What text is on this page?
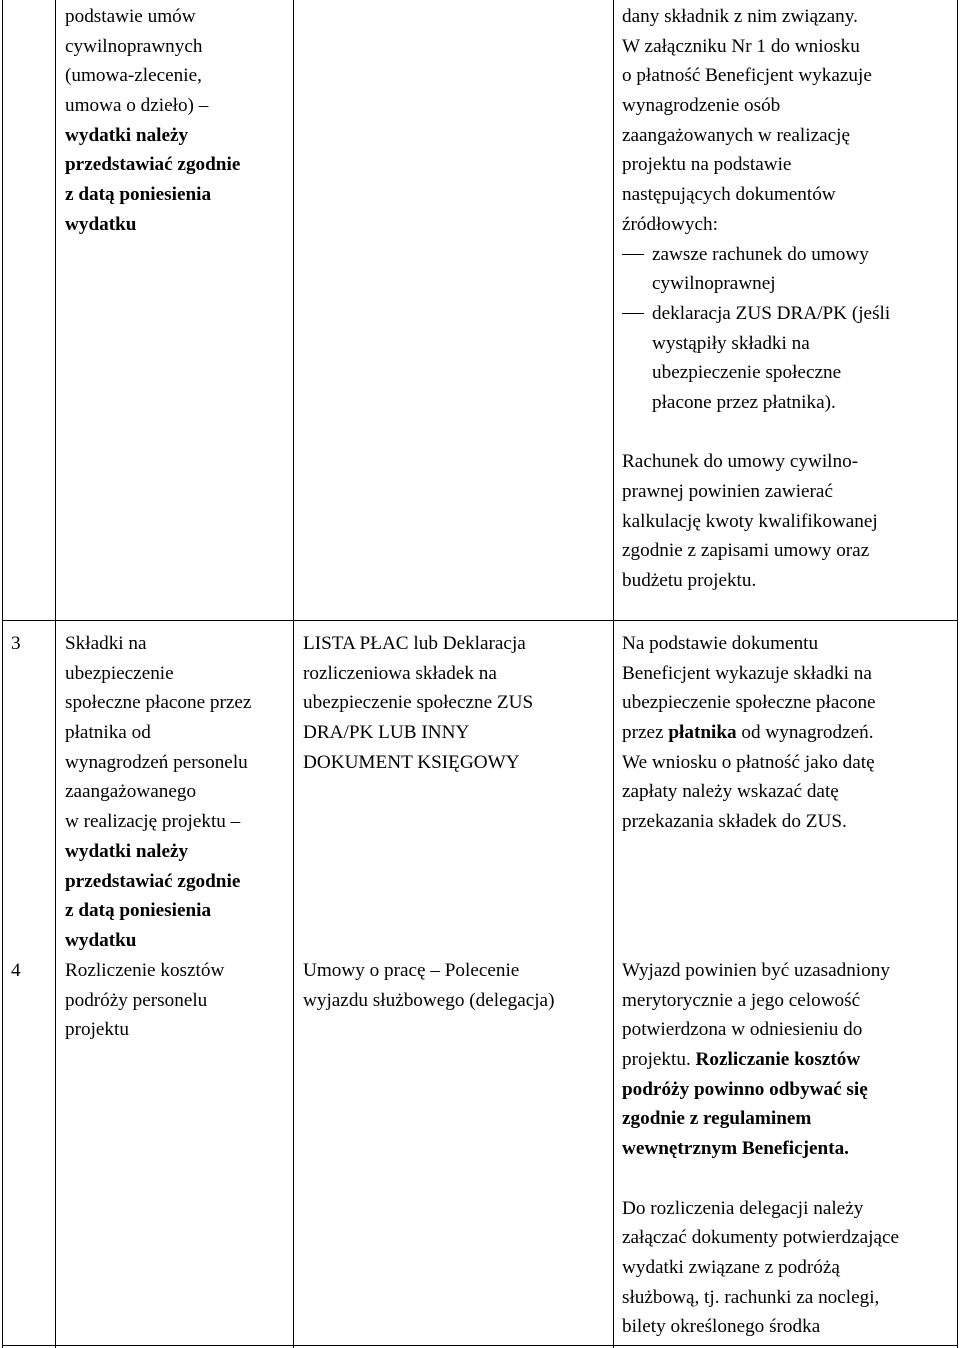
podstawie umów
cywilnoprawnych
(umowa-zlecenie,
umowa o dzieło) –
wydatki należy
przedstawiać zgodnie
z datą poniesienia
wydatku
dany składnik z nim związany.
W załączniku Nr 1 do wniosku
o płatność Beneficjent wykazuje
wynagrodzenie osób
zaangażowanych w realizację
projektu na podstawie
następujących dokumentów
źródłowych:
zawsze rachunek do umowy
cywilnoprawnej
deklaracja ZUS DRA/PK (jeśli
wystąpiły składki na
ubezpieczenie społeczne
płacone przez płatnika).
Rachunek do umowy cywilno-
prawnej powinien zawierać
kalkulację kwoty kwalifikowanej
zgodnie z zapisami umowy oraz
budżetu projektu.
3 Składki na
ubezpieczenie
społeczne płacone przez
płatnika od
wynagrodzeń personelu
zaangażowanego
w realizację projektu –
wydatki należy
przedstawiać zgodnie
z datą poniesienia
wydatku
LISTA PŁAC lub Deklaracja
rozliczeniowa składek na
ubezpieczenie społeczne ZUS
DRA/PK LUB INNY
DOKUMENT KSIĘGOWY
Na podstawie dokumentu
Beneficjent wykazuje składki na
ubezpieczenie społeczne płacone
przez płatnika od wynagrodzeń.
We wniosku o płatność jako datę
zapłaty należy wskazać datę
przekazania składek do ZUS.
4 Rozliczenie kosztów
podróży personelu
projektu
Umowy o pracę – Polecenie
wyjazdu służbowego (delegacja)
Wyjazd powinien być uzasadniony
merytorycznie a jego celowość
potwierdzona w odniesieniu do
projektu. Rozliczanie kosztów
podróży powinno odbywać się
zgodnie z regulaminem
wewnętrznym Beneficjenta.
Do rozliczenia delegacji należy
załączać dokumenty potwierdzające
wydatki związane z podróżą
służbową, tj. rachunki za noclegi,
bilety określonego środka
